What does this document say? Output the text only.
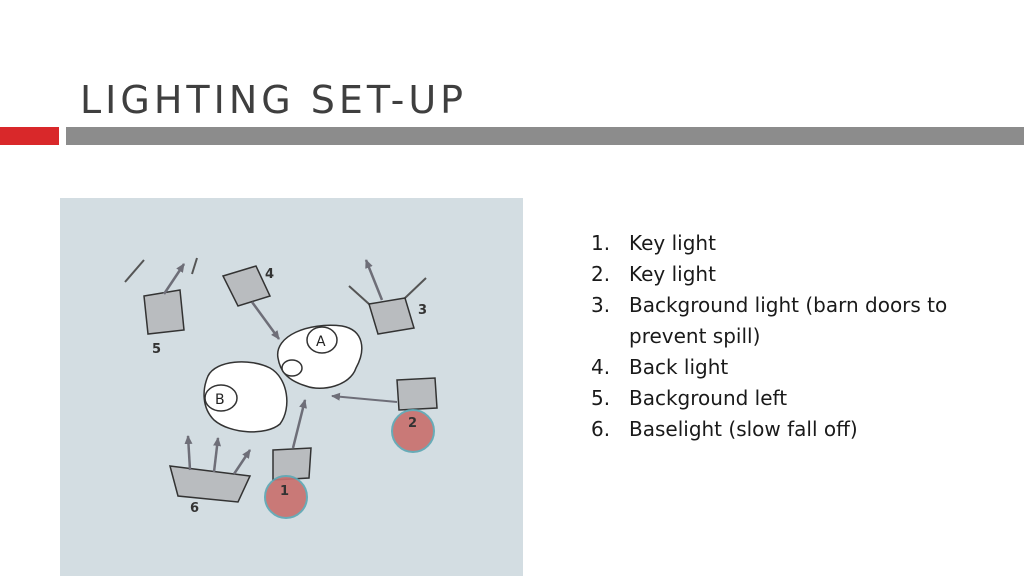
LIGHTING SET-UP
5
4
3
A
B
2
1
6
1. Key light
2. Key light
3. Background light (barn doors to prevent spill)
4. Back light
5. Background left
6. Baselight (slow fall off)
